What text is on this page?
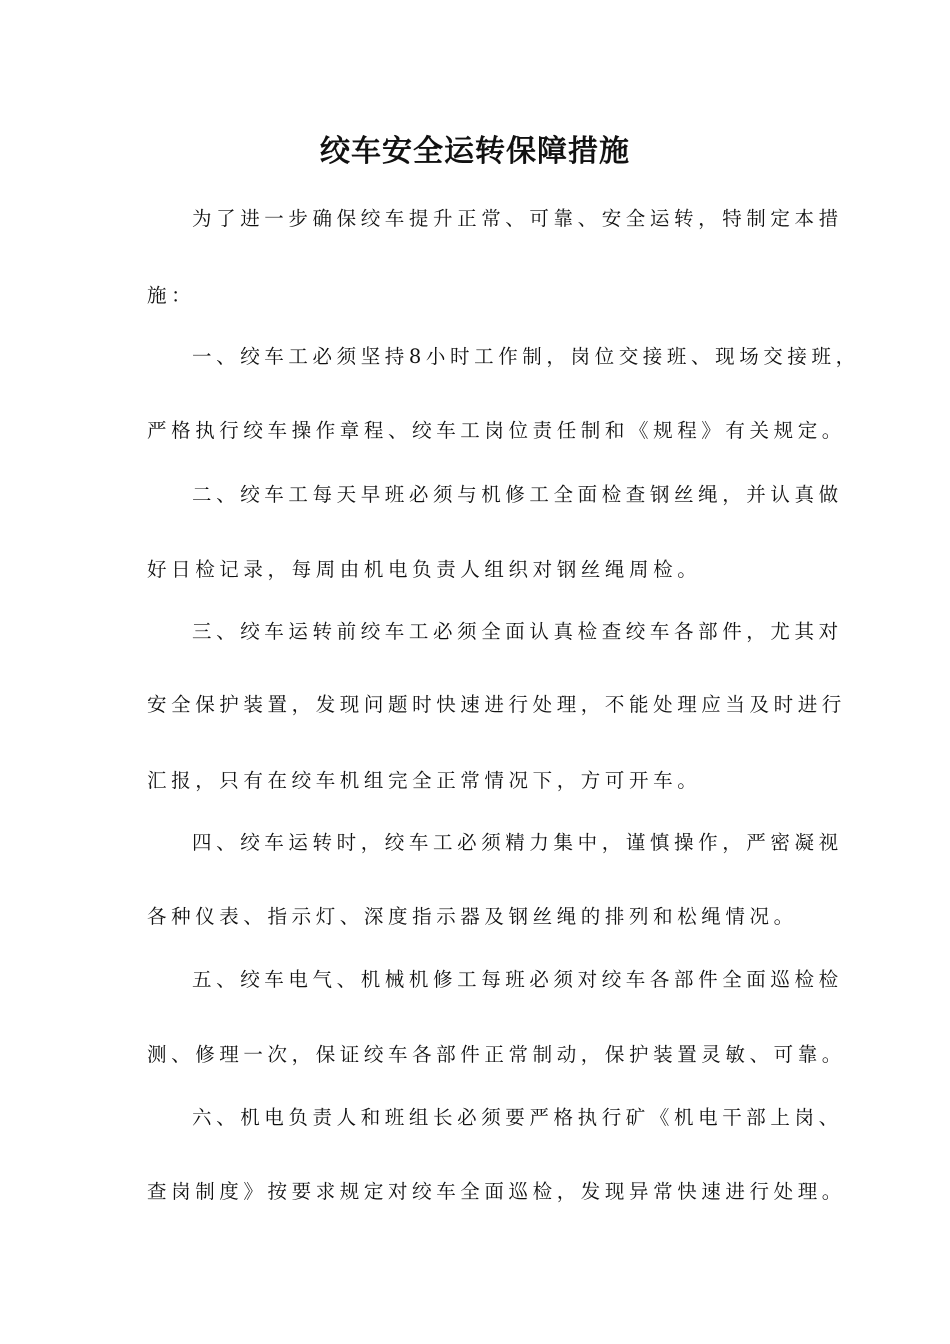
绞车安全运转保障措施
为了进一步确保绞车提升正常、可靠、安全运转，特制定本措
施：
一、绞车工必须坚持8小时工作制，岗位交接班、现场交接班，
严格执行绞车操作章程、绞车工岗位责任制和《规程》有关规定。
二、绞车工每天早班必须与机修工全面检查钢丝绳，并认真做
好日检记录，每周由机电负责人组织对钢丝绳周检。
三、绞车运转前绞车工必须全面认真检查绞车各部件，尤其对
安全保护装置，发现问题时快速进行处理，不能处理应当及时进行
汇报，只有在绞车机组完全正常情况下，方可开车。
四、绞车运转时，绞车工必须精力集中，谨慎操作，严密凝视
各种仪表、指示灯、深度指示器及钢丝绳的排列和松绳情况。
五、绞车电气、机械机修工每班必须对绞车各部件全面巡检检
测、修理一次，保证绞车各部件正常制动，保护装置灵敏、可靠。
六、机电负责人和班组长必须要严格执行矿《机电干部上岗、
查岗制度》按要求规定对绞车全面巡检，发现异常快速进行处理。
